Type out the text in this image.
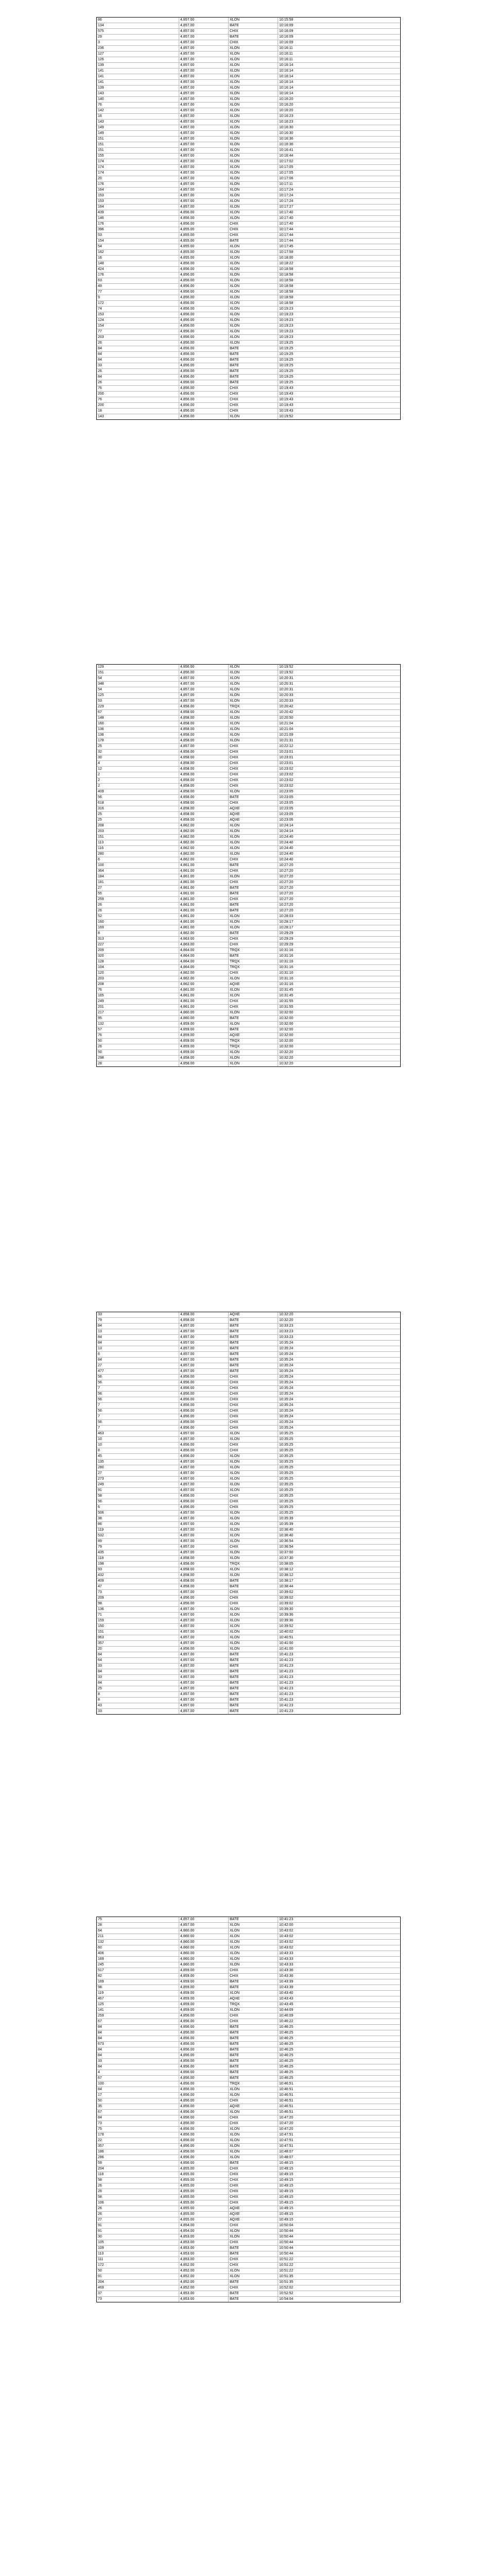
86	4,857.00	XLON	10:15:58
134	4,857.00	BATE	10:16:09
575	4,857.00	CHIX	10:16:09
29	4,857.00	BATE	10:16:09
3	4,857.00	CHIX	10:16:09
236	4,857.00	XLON	10:16:11
127	4,857.00	XLON	10:16:11
126	4,857.00	XLON	10:16:11
139	4,857.00	XLON	10:16:14
141	4,857.00	XLON	10:16:14
141	4,857.00	XLON	10:16:14
141	4,857.00	XLON	10:16:14
139	4,857.00	XLON	10:16:14
143	4,857.00	XLON	10:16:14
140	4,857.00	XLON	10:16:20
76	4,857.00	XLON	10:16:20
142	4,857.00	XLON	10:16:20
16	4,857.00	XLON	10:16:23
143	4,857.00	XLON	10:16:23
149	4,857.00	XLON	10:16:30
149	4,857.00	XLON	10:16:30
151	4,857.00	XLON	10:16:36
151	4,857.00	XLON	10:16:36
151	4,857.00	XLON	10:16:41
155	4,857.00	XLON	10:16:44
174	4,857.00	XLON	10:17:02
174	4,857.00	XLON	10:17:05
174	4,857.00	XLON	10:17:05
20	4,857.00	XLON	10:17:06
176	4,857.00	XLON	10:17:11
164	4,857.00	XLON	10:17:24
153	4,857.00	XLON	10:17:24
153	4,857.00	XLON	10:17:24
164	4,857.00	XLON	10:17:27
439	4,856.00	XLON	10:17:40
146	4,856.00	XLON	10:17:40
176	4,856.00	CHIX	10:17:40
396	4,855.00	CHIX	10:17:44
53	4,855.00	CHIX	10:17:44
154	4,855.00	BATE	10:17:44
54	4,855.00	XLON	10:17:45
162	4,855.00	XLON	10:17:58
16	4,855.00	XLON	10:18:00
148	4,856.00	XLON	10:18:22
424	4,856.00	XLON	10:18:58
176	4,856.00	XLON	10:18:58
63	4,856.00	XLON	10:18:58
49	4,856.00	XLON	10:18:58
77	4,856.00	XLON	10:18:58
9	4,856.00	XLON	10:18:58
172	4,856.00	XLON	10:18:58
74	4,856.00	XLON	10:19:23
153	4,856.00	XLON	10:19:23
124	4,856.00	XLON	10:19:23
154	4,856.00	XLON	10:19:23
77	4,856.00	XLON	10:19:23
203	4,856.00	XLON	10:19:23
26	4,856.00	XLON	10:19:25
84	4,856.00	BATE	10:19:25
84	4,856.00	BATE	10:19:25
84	4,856.00	BATE	10:19:25
33	4,856.00	BATE	10:19:25
26	4,856.00	BATE	10:19:25
84	4,856.00	BATE	10:19:25
26	4,856.00	BATE	10:19:25
76	4,856.00	CHIX	10:19:43
200	4,856.00	CHIX	10:19:43
76	4,856.00	CHIX	10:19:43
200	4,856.00	CHIX	10:19:43
18	4,856.00	CHIX	10:19:43
143	4,856.00	XLON	10:19:52
129	4,856.00	XLON	10:19:52
151	4,856.00	XLON	10:19:52
54	4,857.00	XLON	10:20:31
348	4,857.00	XLON	10:20:31
54	4,857.00	XLON	10:20:31
125	4,857.00	XLON	10:20:33
53	4,857.00	XLON	10:20:33
229	4,858.00	TRQX	10:20:42
67	4,858.00	XLON	10:20:42
148	4,858.00	XLON	10:20:50
160	4,858.00	XLON	10:21:04
136	4,858.00	XLON	10:21:04
136	4,858.00	XLON	10:21:09
178	4,858.00	XLON	10:21:31
25	4,857.00	CHIX	10:22:12
32	4,858.00	CHIX	10:23:01
30	4,858.00	CHIX	10:23:01
4	4,858.00	CHIX	10:23:01
12	4,858.00	CHIX	10:23:02
2	4,858.00	CHIX	10:23:02
2	4,858.00	CHIX	10:23:02
2	4,858.00	CHIX	10:23:02
409	4,858.00	XLON	10:23:05
56	4,858.00	BATE	10:23:05
618	4,858.00	CHIX	10:23:05
316	4,858.00	AQXE	10:23:05
25	4,858.00	AQXE	10:23:05
25	4,858.00	AQXE	10:23:06
208	4,862.00	XLON	10:24:14
203	4,862.00	XLON	10:24:14
151	4,862.00	XLON	10:24:40
113	4,862.00	XLON	10:24:40
116	4,862.00	XLON	10:24:40
280	4,862.00	XLON	10:24:40
6	4,862.00	CHIX	10:24:40
100	4,861.00	BATE	10:27:20
364	4,861.00	CHIX	10:27:20
184	4,861.00	XLON	10:27:20
181	4,861.00	CHIX	10:27:20
27	4,861.00	BATE	10:27:20
55	4,861.00	BATE	10:27:20
259	4,861.00	CHIX	10:27:20
26	4,861.00	BATE	10:27:20
26	4,861.00	BATE	10:27:20
52	4,861.00	XLON	10:28:03
160	4,861.00	XLON	10:28:17
169	4,861.00	XLON	10:28:17
8	4,862.00	BATE	10:29:29
313	4,863.00	CHIX	10:29:29
227	4,863.00	CHIX	10:29:29
209	4,864.00	TRQX	10:31:16
320	4,864.00	BATE	10:31:16
128	4,864.00	TRQX	10:31:16
104	4,864.00	TRQX	10:31:16
120	4,862.00	CHIX	10:31:16
203	4,862.00	XLON	10:31:16
208	4,862.00	AQXE	10:31:16
76	4,861.00	XLON	10:31:45
165	4,861.00	XLON	10:31:45
249	4,861.00	CHIX	10:31:55
201	4,861.00	CHIX	10:31:55
217	4,860.00	XLON	10:32:00
95	4,860.00	BATE	10:32:00
132	4,859.00	XLON	10:32:00
57	4,859.00	BATE	10:32:00
76	4,859.00	AQXE	10:32:00
50	4,859.00	TRQX	10:32:00
26	4,859.00	TRQX	10:32:00
50	4,859.00	XLON	10:32:20
298	4,858.00	XLON	10:32:20
28	4,858.00	XLON	10:32:20
33	4,858.00	AQXE	10:32:20
79	4,858.00	BATE	10:32:20
84	4,857.00	BATE	10:33:23
13	4,857.00	BATE	10:33:23
84	4,857.00	BATE	10:33:23
84	4,857.00	BATE	10:35:24
13	4,857.00	BATE	10:35:24
6	4,857.00	BATE	10:35:24
84	4,857.00	BATE	10:35:24
27	4,857.00	BATE	10:35:24
477	4,857.00	BATE	10:35:24
56	4,856.00	CHIX	10:35:24
56	4,856.00	CHIX	10:35:24
7	4,856.00	CHIX	10:35:24
56	4,856.00	CHIX	10:35:24
56	4,856.00	CHIX	10:35:24
7	4,856.00	CHIX	10:35:24
56	4,856.00	CHIX	10:35:24
7	4,856.00	CHIX	10:35:24
56	4,856.00	CHIX	10:35:24
7	4,856.00	CHIX	10:35:24
463	4,857.00	XLON	10:35:25
10	4,857.00	XLON	10:35:25
10	4,856.00	CHIX	10:35:25
8	4,856.00	CHIX	10:35:25
45	4,856.00	XLON	10:35:25
135	4,857.00	XLON	10:35:25
280	4,857.00	XLON	10:35:25
27	4,857.00	XLON	10:35:25
273	4,857.00	XLON	10:35:25
249	4,857.00	XLON	10:35:25
91	4,857.00	XLON	10:35:25
58	4,856.00	CHIX	10:35:25
56	4,856.00	CHIX	10:35:25
6	4,856.00	CHIX	10:35:25
506	4,857.00	XLON	10:35:25
38	4,857.00	XLON	10:35:39
86	4,857.00	XLON	10:35:39
119	4,857.00	XLON	10:36:40
532	4,857.00	XLON	10:36:40
89	4,857.00	XLON	10:36:54
79	4,857.00	CHIX	10:36:54
435	4,857.00	XLON	10:37:00
118	4,858.00	XLON	10:37:30
198	4,858.00	TRQX	10:38:05
93	4,858.00	XLON	10:38:12
432	4,858.00	XLON	10:38:12
409	4,858.00	BATE	10:38:17
47	4,858.00	BATE	10:38:44
73	4,857.00	CHIX	10:39:02
209	4,856.00	CHIX	10:39:02
98	4,856.00	CHIX	10:39:02
136	4,857.00	XLON	10:39:30
71	4,857.00	XLON	10:39:36
159	4,857.00	XLON	10:39:36
150	4,857.00	XLON	10:39:52
151	4,857.00	XLON	10:40:02
963	4,857.00	XLON	10:40:51
357	4,857.00	XLON	10:41:00
20	4,856.00	XLON	10:41:00
84	4,857.00	BATE	10:41:23
64	4,857.00	BATE	10:41:23
33	4,857.00	BATE	10:41:23
84	4,857.00	BATE	10:41:23
33	4,857.00	BATE	10:41:23
84	4,857.00	BATE	10:41:23
25	4,857.00	BATE	10:41:23
8	4,857.00	BATE	10:41:23
8	4,857.00	BATE	10:41:23
43	4,857.00	BATE	10:41:23
33	4,857.00	BATE	10:41:23
75	4,857.00	BATE	10:41:23
28	4,857.00	XLON	10:42:00
64	4,860.00	XLON	10:43:02
211	4,860.00	XLON	10:43:02
132	4,860.00	XLON	10:43:02
60	4,860.00	XLON	10:43:02
406	4,860.00	XLON	10:43:33
169	4,860.00	XLON	10:43:33
245	4,860.00	XLON	10:43:33
517	4,859.00	CHIX	10:43:36
82	4,859.00	CHIX	10:43:36
169	4,859.00	BATE	10:43:39
98	4,859.00	BATE	10:43:39
119	4,859.00	XLON	10:43:40
467	4,859.00	AQXE	10:43:43
125	4,859.00	TRQX	10:43:45
141	4,859.00	XLON	10:44:09
259	4,856.00	CHIX	10:46:09
67	4,856.00	CHIX	10:46:22
84	4,856.00	BATE	10:46:25
84	4,856.00	BATE	10:46:25
84	4,856.00	BATE	10:46:25
673	4,856.00	BATE	10:46:25
84	4,856.00	BATE	10:46:25
84	4,856.00	BATE	10:46:25
33	4,856.00	BATE	10:46:25
84	4,856.00	BATE	10:46:25
4	4,856.00	BATE	10:46:25
67	4,856.00	BATE	10:46:25
100	4,856.00	TRQX	10:46:51
84	4,856.00	XLON	10:46:51
17	4,856.00	XLON	10:46:51
50	4,856.00	CHIX	10:46:51
35	4,856.00	AQXE	10:46:51
67	4,856.00	XLON	10:46:51
84	4,856.00	CHIX	10:47:20
73	4,856.00	CHIX	10:47:20
75	4,856.00	XLON	10:47:20
178	4,856.00	XLON	10:47:51
22	4,856.00	XLON	10:47:51
357	4,856.00	XLON	10:47:51
186	4,856.00	XLON	10:48:07
286	4,856.00	XLON	10:48:07
59	4,856.00	BATE	10:48:15
204	4,855.00	CHIX	10:49:15
118	4,855.00	CHIX	10:49:15
58	4,855.00	CHIX	10:49:15
26	4,855.00	CHIX	10:49:15
26	4,855.00	CHIX	10:49:15
58	4,855.00	CHIX	10:49:15
106	4,855.00	CHIX	10:49:15
26	4,855.00	AQXE	10:49:15
26	4,855.00	AQXE	10:49:15
27	4,855.00	AQXE	10:49:15
91	4,854.00	CHIX	10:50:04
91	4,854.00	XLON	10:50:44
30	4,853.00	XLON	10:50:44
105	4,853.00	CHIX	10:50:44
109	4,853.00	BATE	10:50:44
113	4,853.00	BATE	10:50:44
111	4,853.00	CHIX	10:51:22
172	4,852.00	CHIX	10:51:22
50	4,852.00	XLON	10:51:22
91	4,852.00	XLON	10:51:35
204	4,852.00	BATE	10:51:35
469	4,852.00	CHIX	10:52:02
37	4,853.00	BATE	10:52:52
73	4,853.00	BATE	10:54:04
